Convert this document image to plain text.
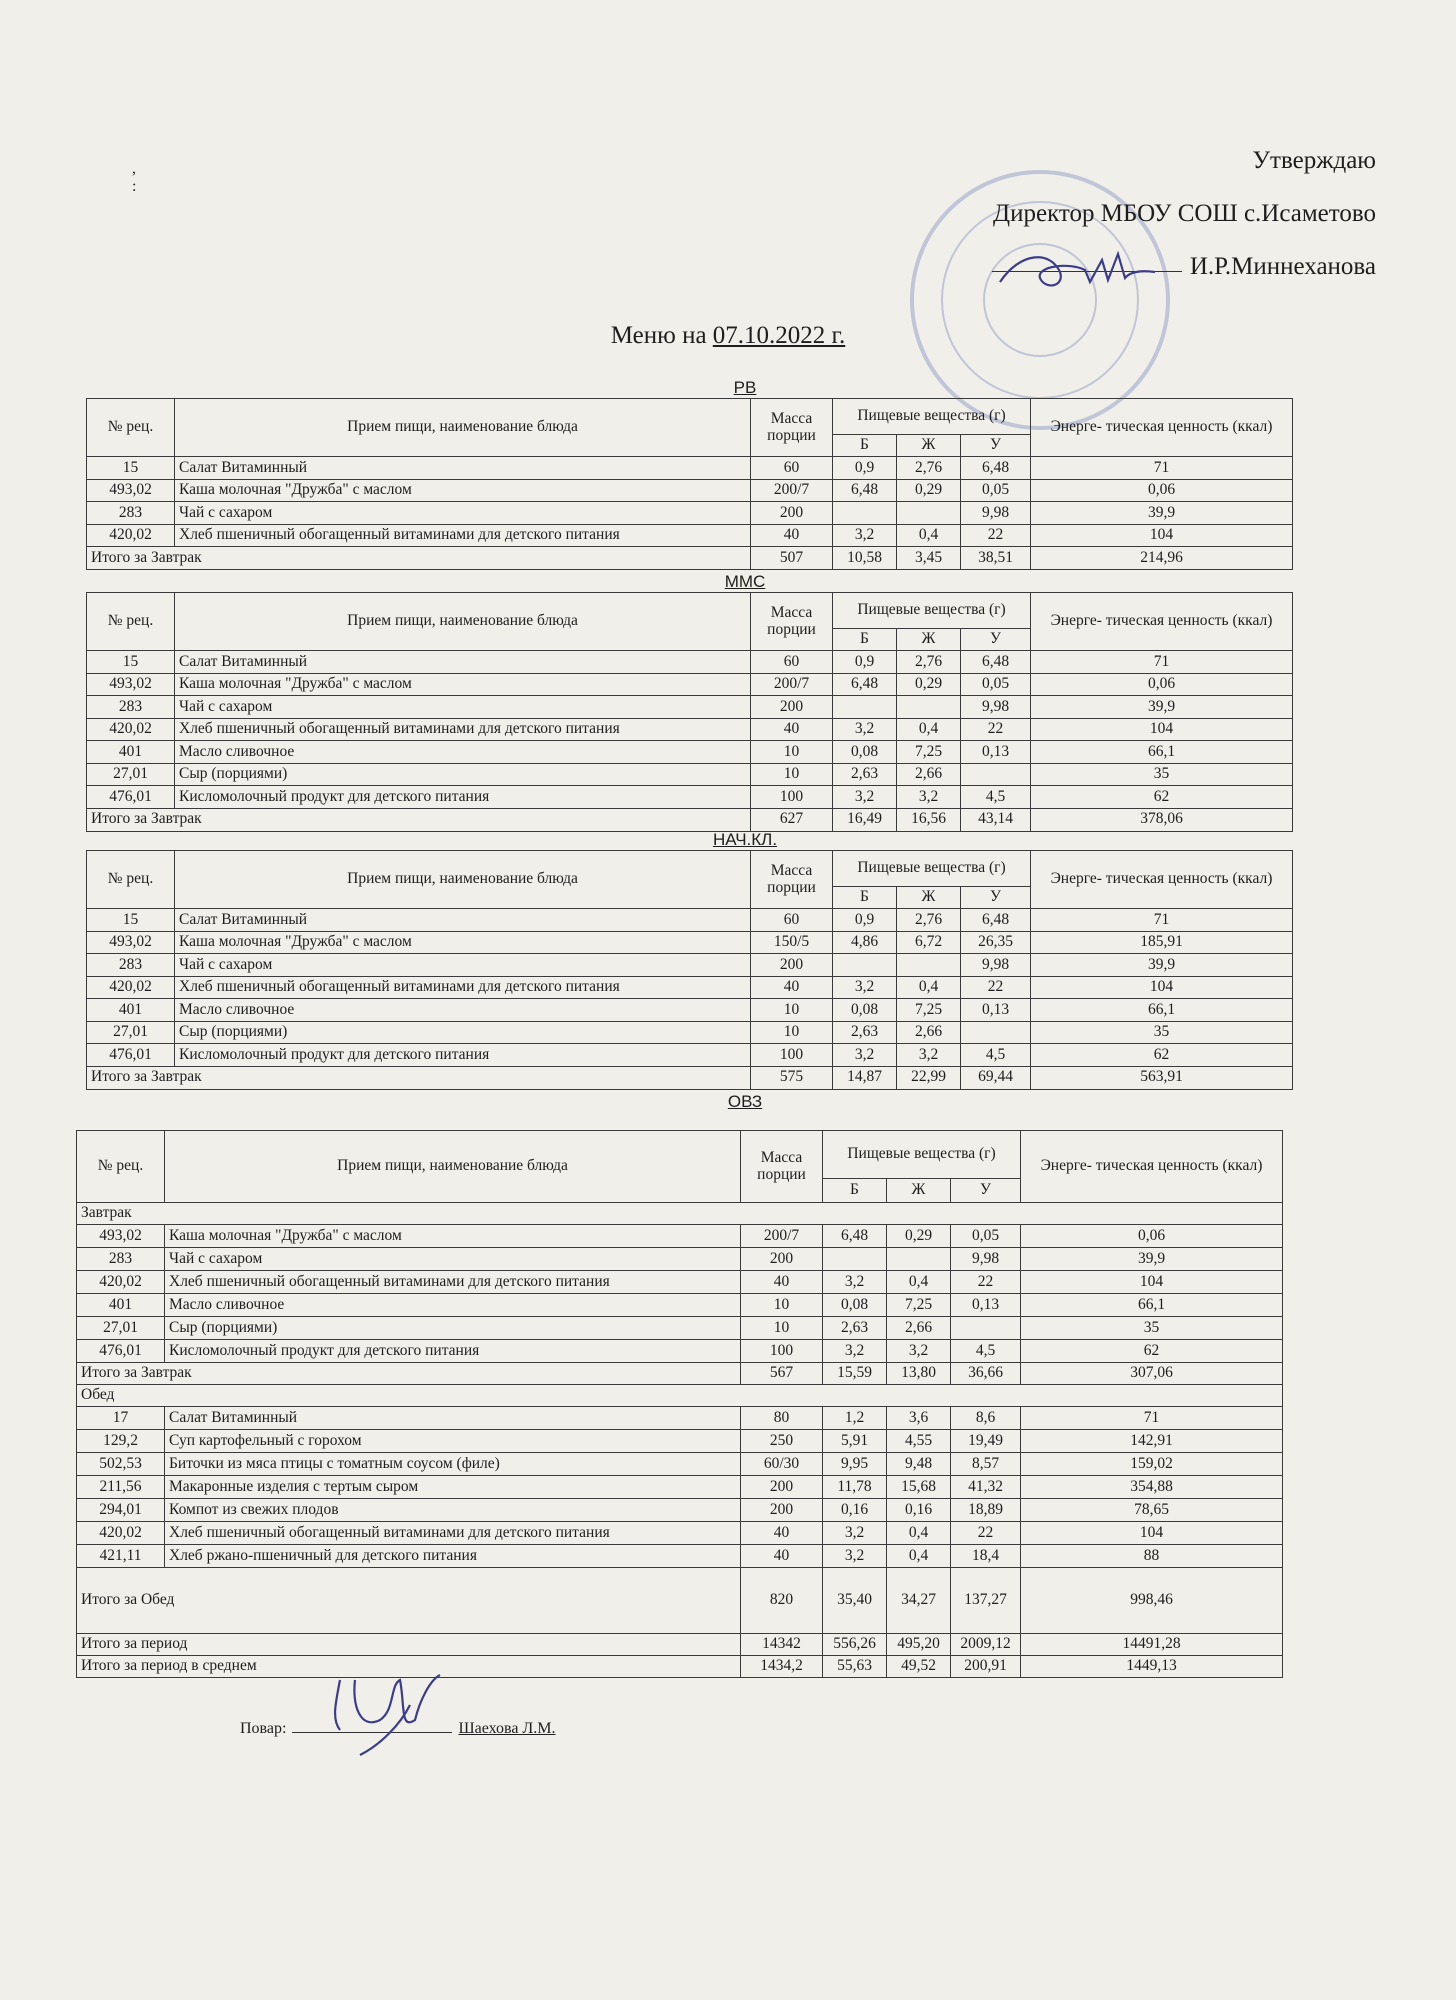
,
:
Утверждаю
Директор МБОУ СОШ с.Исаметово
И.Р.Миннеханова
Меню на 07.10.2022 г.
РВ
№ рец.	Прием пищи, наименование блюда	Масса порции	Пищевые вещества (г)			Энерге- тическая ценность (ккал)
			Б	Ж	У	
15	Салат Витаминный	60	0,9	2,76	6,48	71
493,02	Каша молочная "Дружба" с маслом	200/7	6,48	0,29	0,05	0,06
283	Чай с сахаром	200			9,98	39,9
420,02	Хлеб пшеничный обогащенный витаминами для детского питания	40	3,2	0,4	22	104
Итого за Завтрак		507	10,58	3,45	38,51	214,96
ММС
№ рец.	Прием пищи, наименование блюда	Масса порции	Пищевые вещества (г)			Энерге- тическая ценность (ккал)
			Б	Ж	У	
15	Салат Витаминный	60	0,9	2,76	6,48	71
493,02	Каша молочная "Дружба" с маслом	200/7	6,48	0,29	0,05	0,06
283	Чай с сахаром	200			9,98	39,9
420,02	Хлеб пшеничный обогащенный витаминами для детского питания	40	3,2	0,4	22	104
401	Масло сливочное	10	0,08	7,25	0,13	66,1
27,01	Сыр (порциями)	10	2,63	2,66		35
476,01	Кисломолочный продукт для детского питания	100	3,2	3,2	4,5	62
Итого за Завтрак		627	16,49	16,56	43,14	378,06
НАЧ.КЛ.
№ рец.	Прием пищи, наименование блюда	Масса порции	Пищевые вещества (г)			Энерге- тическая ценность (ккал)
			Б	Ж	У	
15	Салат Витаминный	60	0,9	2,76	6,48	71
493,02	Каша молочная "Дружба" с маслом	150/5	4,86	6,72	26,35	185,91
283	Чай с сахаром	200			9,98	39,9
420,02	Хлеб пшеничный обогащенный витаминами для детского питания	40	3,2	0,4	22	104
401	Масло сливочное	10	0,08	7,25	0,13	66,1
27,01	Сыр (порциями)	10	2,63	2,66		35
476,01	Кисломолочный продукт для детского питания	100	3,2	3,2	4,5	62
Итого за Завтрак		575	14,87	22,99	69,44	563,91
ОВЗ
№ рец.	Прием пищи, наименование блюда	Масса порции	Пищевые вещества (г)			Энерге- тическая ценность (ккал)
			Б	Ж	У	
Завтрак						
493,02	Каша молочная "Дружба" с маслом	200/7	6,48	0,29	0,05	0,06
283	Чай с сахаром	200			9,98	39,9
420,02	Хлеб пшеничный обогащенный витаминами для детского питания	40	3,2	0,4	22	104
401	Масло сливочное	10	0,08	7,25	0,13	66,1
27,01	Сыр (порциями)	10	2,63	2,66		35
476,01	Кисломолочный продукт для детского питания	100	3,2	3,2	4,5	62
Итого за Завтрак		567	15,59	13,80	36,66	307,06
Обед						
17	Салат Витаминный	80	1,2	3,6	8,6	71
129,2	Суп картофельный с горохом	250	5,91	4,55	19,49	142,91
502,53	Биточки из мяса птицы с томатным соусом (филе)	60/30	9,95	9,48	8,57	159,02
211,56	Макаронные изделия с тертым сыром	200	11,78	15,68	41,32	354,88
294,01	Компот из свежих плодов	200	0,16	0,16	18,89	78,65
420,02	Хлеб пшеничный обогащенный витаминами для детского питания	40	3,2	0,4	22	104
421,11	Хлеб ржано-пшеничный для детского питания	40	3,2	0,4	18,4	88
Итого за Обед		820	35,40	34,27	137,27	998,46
Итого за период		14342	556,26	495,20	2009,12	14491,28
Итого за период в среднем		1434,2	55,63	49,52	200,91	1449,13
Повар:	Шаехова Л.М.
